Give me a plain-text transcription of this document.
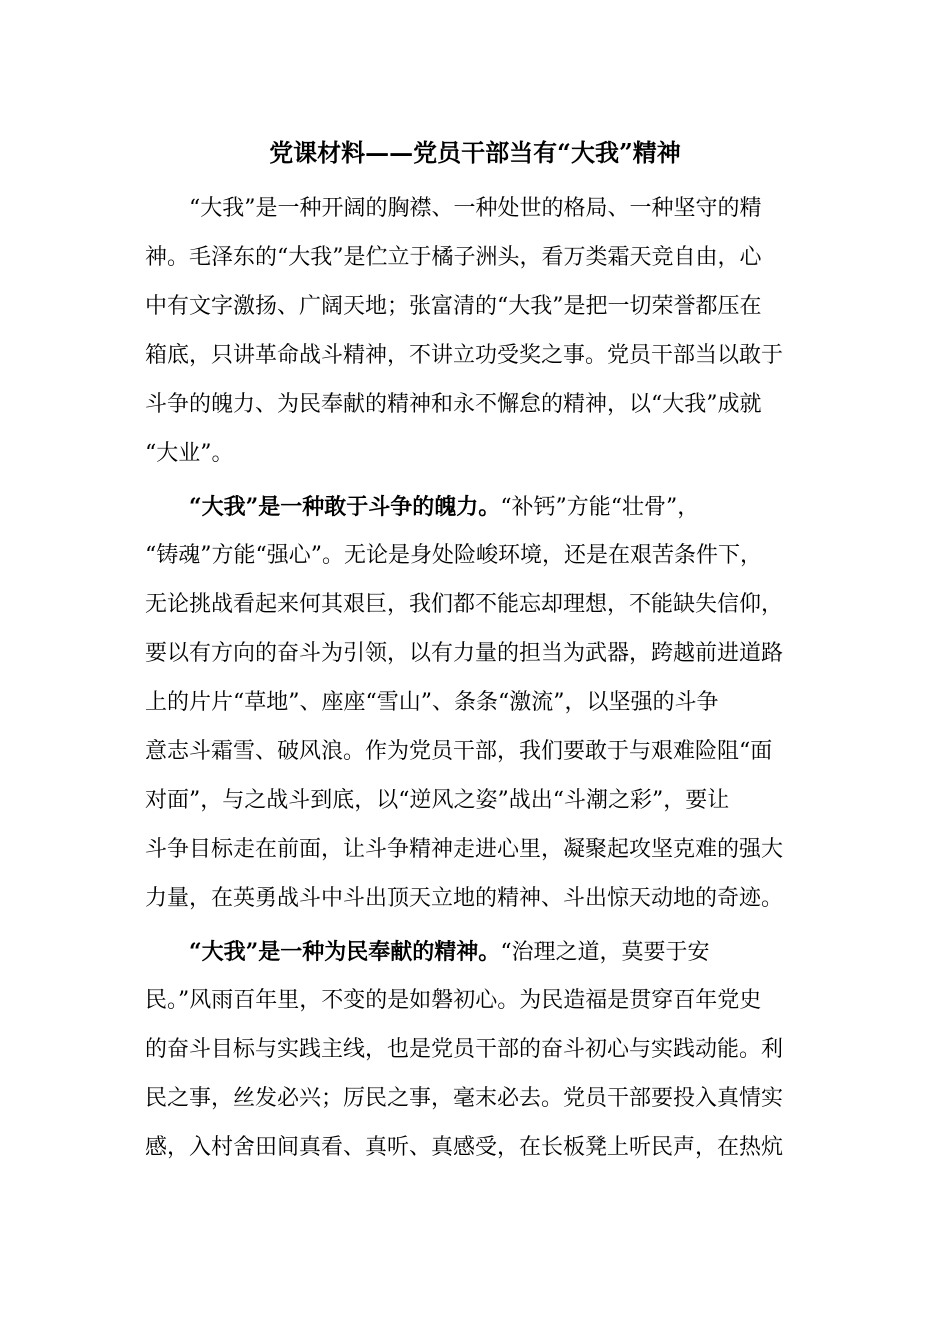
党课材料——党员干部当有“大我”精神
“大我”是一种开阔的胸襟、一种处世的格局、一种坚守的精
神。毛泽东的“大我”是伫立于橘子洲头，看万类霜天竞自由，心
中有文字激扬、广阔天地；张富清的“大我”是把一切荣誉都压在
箱底，只讲革命战斗精神，不讲立功受奖之事。党员干部当以敢于
斗争的魄力、为民奉献的精神和永不懈怠的精神，以“大我”成就
“大业”。
“大我”是一种敢于斗争的魄力。“补钙”方能“壮骨”，
“铸魂”方能“强心”。无论是身处险峻环境，还是在艰苦条件下，
无论挑战看起来何其艰巨，我们都不能忘却理想，不能缺失信仰，
要以有方向的奋斗为引领，以有力量的担当为武器，跨越前进道路
上的片片“草地”、座座“雪山”、条条“激流”，以坚强的斗争
意志斗霜雪、破风浪。作为党员干部，我们要敢于与艰难险阻“面
对面”，与之战斗到底，以“逆风之姿”战出“斗潮之彩”，要让
斗争目标走在前面，让斗争精神走进心里，凝聚起攻坚克难的强大
力量，在英勇战斗中斗出顶天立地的精神、斗出惊天动地的奇迹。
“大我”是一种为民奉献的精神。“治理之道，莫要于安
民。”风雨百年里，不变的是如磐初心。为民造福是贯穿百年党史
的奋斗目标与实践主线，也是党员干部的奋斗初心与实践动能。利
民之事，丝发必兴；厉民之事，毫末必去。党员干部要投入真情实
感，入村舍田间真看、真听、真感受，在长板凳上听民声，在热炕
